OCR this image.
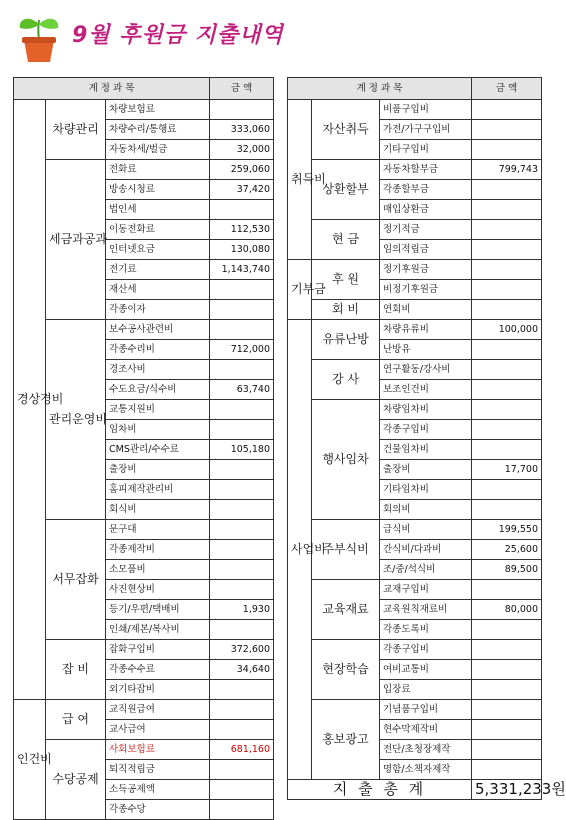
9월 후원금 지출내역
계 정 과 목			금 액
경상경비	차량관리	차량보험료	
		차량수리/통행료	333,060
		자동차세/벌금	32,000
	세금과공과	전화료	259,060
		방송시청료	37,420
		법인세	
		이동전화료	112,530
		인터넷요금	130,080
		전기료	1,143,740
		재산세	
		각종이자	
	관리운영비	보수공사관련비	
		각종수리비	712,000
		경조사비	
		수도요금/식수비	63,740
		교통지원비	
		임차비	
		CMS관리/수수료	105,180
		출장비	
		홈피제작관리비	
		회식비	
	서무잡화	문구대	
		각종제작비	
		소모품비	
		사진현상비	
		등기/우편/택배비	1,930
		인쇄/제본/복사비	
	잡 비	잡화구입비	372,600
		각종수수료	34,640
		외기타잡비	
인건비	급 여	교직원급여	
		교사급여	
	수당공제	사회보험료	681,160
		퇴직적립금	
		소득공제액	
		각종수당	
계 정 과 목			금 액
취득비	자산취득	비품구입비	
		가전/가구구입비	
		기타구입비	
	상환할부	자동차할부금	799,743
		각종할부금	
		매입상환금	
	현 금	정기적금	
		임의적립금	
기부금	후 원	정기후원금	
		비정기후원금	
	회 비	연회비	
사업비	유류난방	차량유류비	100,000
		난방유	
	강 사	연구활동/강사비	
		보조인건비	
	행사임차	차량임차비	
		각종구입비	
		건물임차비	
		출장비	17,700
		기타임차비	
		회의비	
	주부식비	급식비	199,550
		간식비/다과비	25,600
		조/중/석식비	89,500
	교육재료	교재구입비	
		교육원칙재료비	80,000
		각종도록비	
	현장학습	각종구입비	
		여비교통비	
		입장료	
	홍보광고	기념품구입비	
		현수막제작비	
		전단/초청장제작	
		명함/소책자제작	
지 출 총 계			5,331,233원
